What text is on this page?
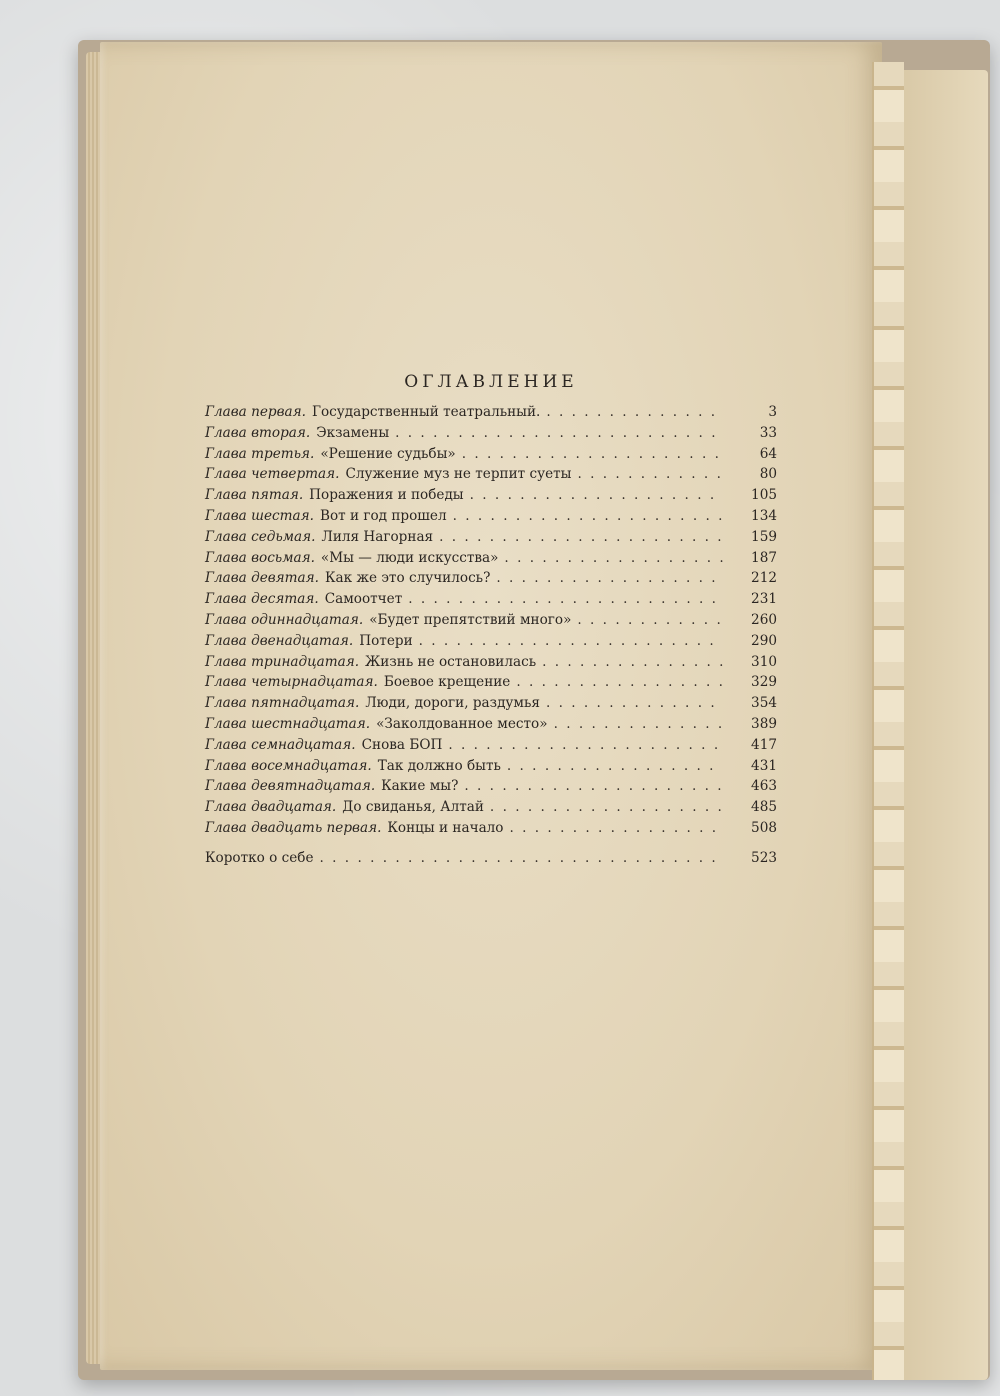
ОГЛАВЛЕНИЕ
Глава первая. Государственный театральный. . . .	3
Глава вторая. Экзамены . . .	33
Глава третья. «Решение судьбы» . . .	64
Глава четвертая. Служение муз не терпит суеты . . .	80
Глава пятая. Поражения и победы . . .	105
Глава шестая. Вот и год прошел . . .	134
Глава седьмая. Лиля Нагорная . . .	159
Глава восьмая. «Мы — люди искусства» . . .	187
Глава девятая. Как же это случилось? . . .	212
Глава десятая. Самоотчет . . .	231
Глава одиннадцатая. «Будет препятствий много» . . .	260
Глава двенадцатая. Потери . . .	290
Глава тринадцатая. Жизнь не остановилась . . .	310
Глава четырнадцатая. Боевое крещение . . .	329
Глава пятнадцатая. Люди, дороги, раздумья . . .	354
Глава шестнадцатая. «Заколдованное место» . . .	389
Глава семнадцатая. Снова БОП . . .	417
Глава восемнадцатая. Так должно быть . . .	431
Глава девятнадцатая. Какие мы? . . .	463
Глава двадцатая. До свиданья, Алтай . . .	485
Глава двадцать первая. Концы и начало . . .	508
Коротко о себе . . .	523
